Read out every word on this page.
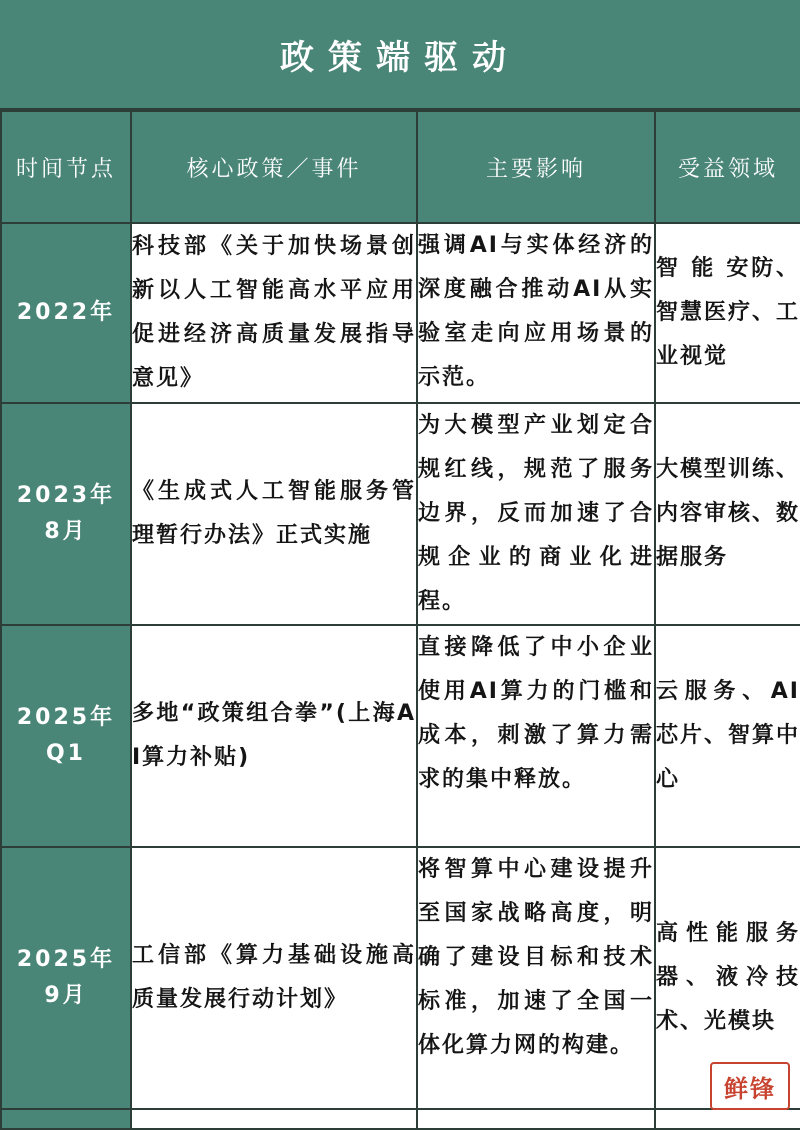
政策端驱动
时间节点	核心政策／事件	主要影响	受益领域

2022年	科技部《关于加快场景创新以人工智能高水平应用促进经济高质量发展指导意见》	强调AI与实体经济的深度融合推动AI从实验室走向应用场景的示范。	智 能 安防、智慧医疗、工业视觉

2023年
8月	《生成式人工智能服务管理暂行办法》正式实施	为大模型产业划定合规红线，规范了服务边界，反而加速了合规企业的商业化进程。	大模型训练、内容审核、数据服务

2025年
Q1	多地“政策组合拳”(上海AI算力补贴)	直接降低了中小企业使用AI算力的门槛和成本，刺激了算力需求的集中释放。	云服务、AI芯片、智算中心

2025年
9月	工信部《算力基础设施高质量发展行动计划》	将智算中心建设提升至国家战略高度，明确了建设目标和技术标准，加速了全国一体化算力网的构建。	高性能服务器、液冷技术、光模块

鲜锋
